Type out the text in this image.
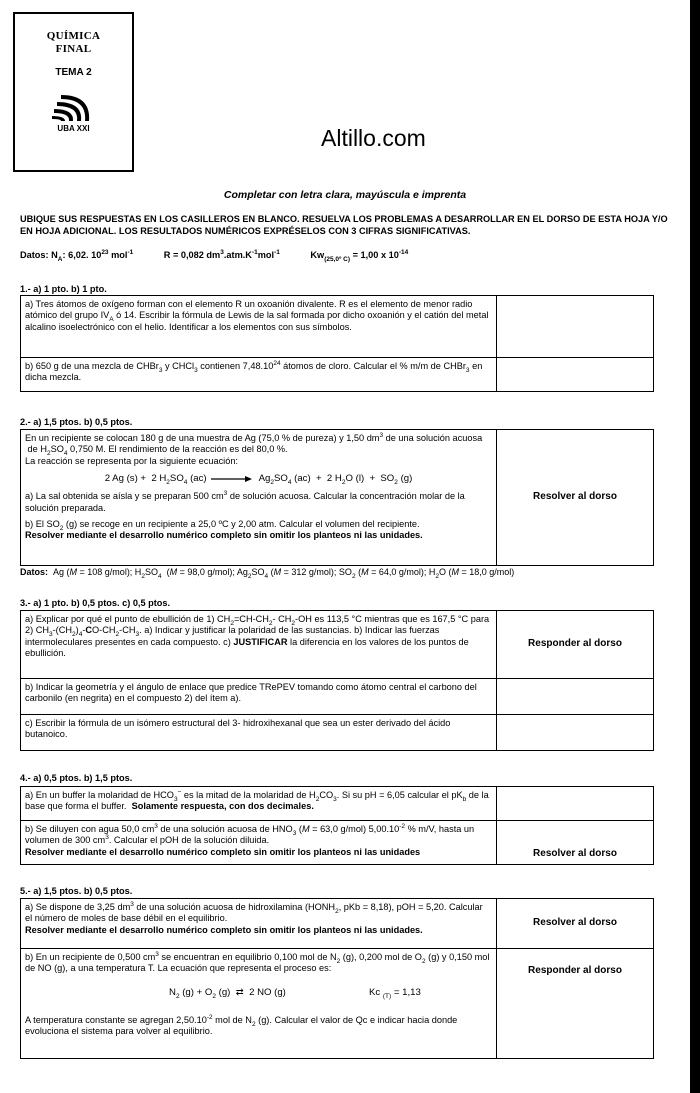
QUÍMICA
FINAL
TEMA 2
UBA XXI	Altillo.com
Completar con letra clara, mayúscula e imprenta
UBIQUE SUS RESPUESTAS EN LOS CASILLEROS EN BLANCO. RESUELVA LOS PROBLEMAS A DESARROLLAR EN EL DORSO DE ESTA HOJA Y/O EN HOJA ADICIONAL. LOS RESULTADOS NUMÉRICOS EXPRÉSELOS CON 3 CIFRAS SIGNIFICATIVAS.
Datos: $N_A$: 6,02. $10^{23}$ mol$^{-1}$	R = 0,082 $dm^3.atm.K^{-1}mol^{-1}$	$Kw_{(25,0º C)} = 1,00$ x $10^{-14}$
1.- a) 1 pto. b) 1 pto.
a) Tres átomos de oxígeno forman con el elemento R un oxoanión divalente. R es el elemento de menor radio atómico del grupo $IV_A$ ó 14. Escribir la fórmula de Lewis de la sal formada por dicho oxoanión y el catión del metal alcalino isoelectrónico con el helio. Identificar a los elementos con sus símbolos.	
b) 650 g de una mezcla de CHBr$_3$ y CHCl$_3$ contienen 7,48.10$^{24}$ átomos de cloro. Calcular el % m/m de CHBr$_3$ en dicha mezcla.	
2.- a) 1,5 ptos. b) 0,5 ptos.
En un recipiente se colocan 180 g de una muestra de Ag (75,0 % de pureza) y 1,50 $dm^3$ de una solución acuosa  de $H_2SO_4$ 0,750 M. El rendimiento de la reacción es del 80,0 %.
La reacción se representa por la siguiente ecuación:
2 Ag (s) +  2 $H_2SO_4$ (ac)	$Ag_2SO_4$ (ac)  +  2 $H_2O$ $(l) + SO_2$ (g)
a) La sal obtenida se aísla y se preparan 500 $cm^3$ de solución acuosa. Calcular la concentración molar de la solución preparada.

b) El $SO_2$ (g) se recoge en un recipiente a 25,0 ºC y 2,00 atm. Calcular el volumen del recipiente.
Resolver mediante el desarrollo numérico completo sin omitir los planteos ni las unidades.	Resolver al dorso
Datos:  Ag (M = 108 g/mol); $H_2SO_4$  (M = 98,0 g/mol); $Ag_2SO_4$ (M = 312 g/mol); $SO_2$ (M = 64,0 g/mol); $H_2O$ (M = 18,0 g/mol)
3.- a) 1 pto. b) 0,5 ptos. c) 0,5 ptos.
a) Explicar por qué el punto de ebullición de 1) $CH_2=CH-CH_2-$ $CH_2-OH$ es 113,5 °C mientras que es 167,5 °C para 2) $CH_3-(CH_2)_4-CO-CH_2-CH_3$. a) Indicar y justificar la polaridad de las sustancias. b) Indicar las fuerzas intermoleculares presentes en cada compuesto. c) JUSTIFICAR la diferencia en los valores de los puntos de ebullición.	Responder al dorso
b) Indicar la geometría y el ángulo de enlace que predice TRePEV tomando como átomo central el carbono del carbonilo (en negrita) en el compuesto 2) del ítem a).	
c) Escribir la fórmula de un isómero estructural del 3- hidroxihexanal que sea un ester derivado del ácido butanoico.	
4.- a) 0,5 ptos. b) 1,5 ptos.
a) En un buffer la molaridad de $HCO_3^-$ es la mitad de la molaridad de $H_2CO_3$. Si su pH = 6,05 calcular el $pK_b$ de la base que forma el buffer.  Solamente respuesta, con dos decimales.	
b) Se diluyen con agua 50,0 $cm^3$ de una solución acuosa de $HNO_3$ (M = 63,0 g/mol) $5,00.10^{-2}$ % m/V, hasta un volumen de 300 $cm^3$. Calcular el pOH de la solución diluida.
Resolver mediante el desarrollo numérico completo sin omitir los planteos ni las unidades	Resolver al dorso
5.- a) 1,5 ptos. b) 0,5 ptos.
a) Se dispone de 3,25 $dm^3$ de una solución acuosa de hidroxilamina ($HONH_2$, pKb = 8,18), pOH = 5,20. Calcular el número de moles de base débil en el equilibrio.
Resolver mediante el desarrollo numérico completo sin omitir los planteos ni las unidades.	Resolver al dorso
b) En un recipiente de 0,500 $cm^3$ se encuentran en equilibrio 0,100 mol de $N_2$ (g), 0,200 mol de $O_2$ (g) y 0,150 mol de NO (g), a una temperatura T. La ecuación que representa el proceso es:
$N_2$ $(g) + O_2$ (g)  ⇄  2 NO (g) Kc $_{(T)}$ = 1,13
A temperatura constante se agregan $2,50.10^{-2}$ mol de $N_2$ (g). Calcular el valor de Qc e indicar hacia donde evoluciona el sistema para volver al equilibrio.	Responder al dorso
